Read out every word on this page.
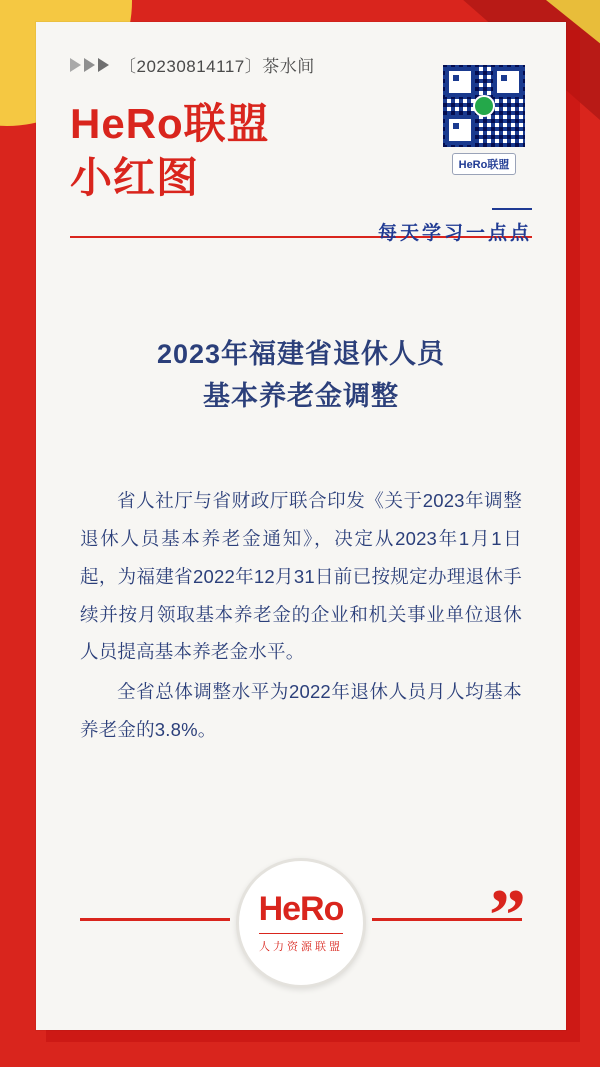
〔20230814117〕茶水间
HeRo联盟
小红图	HeRo联盟
每天学习一点点
2023年福建省退休人员
基本养老金调整

省人社厅与省财政厅联合印发《关于2023年调整退休人员基本养老金通知》，决定从2023年1月1日起，为福建省2022年12月31日前已按规定办理退休手续并按月领取基本养老金的企业和机关事业单位退休人员提高基本养老金水平。

全省总体调整水平为2022年退休人员月人均基本养老金的3.8%。

HeRo
人力资源联盟 ”
